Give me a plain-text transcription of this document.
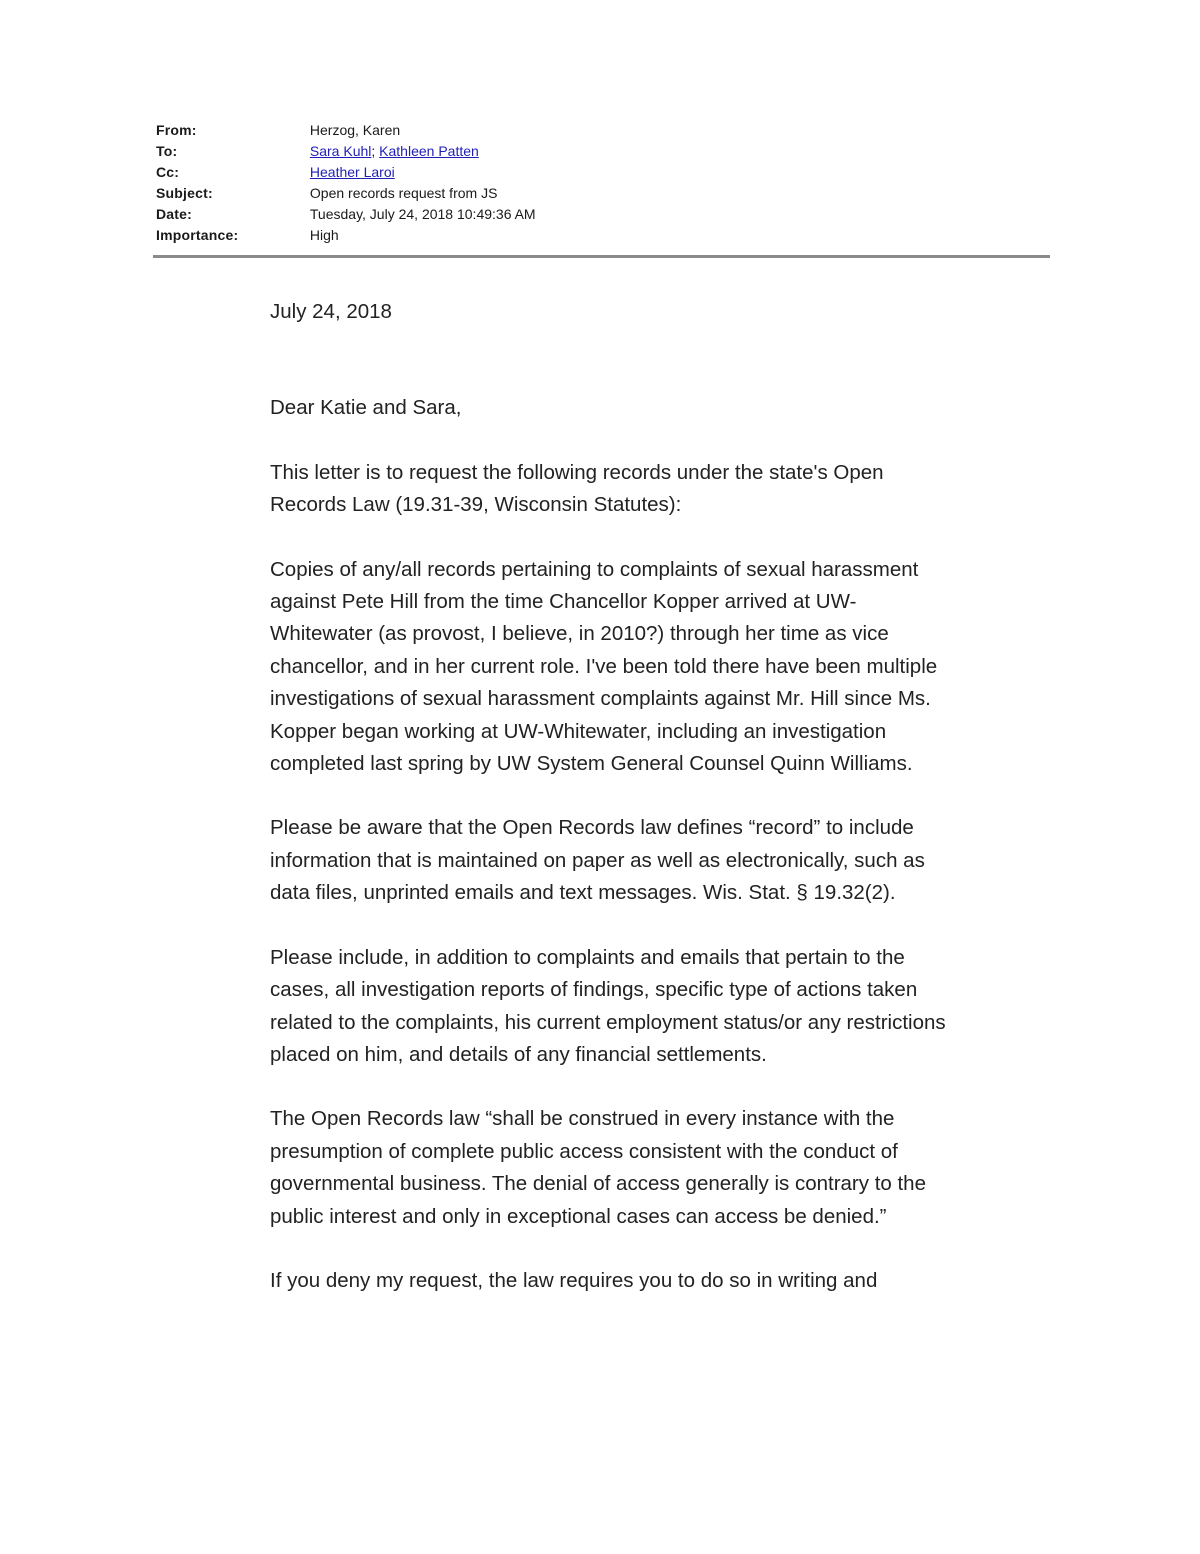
From:	Herzog, Karen
To:	Sara Kuhl; Kathleen Patten
Cc:	Heather Laroi
Subject:	Open records request from JS
Date:	Tuesday, July 24, 2018 10:49:36 AM
Importance:	High

July 24, 2018

Dear Katie and Sara,

This letter is to request the following records under the state's Open Records Law (19.31-39, Wisconsin Statutes):

Copies of any/all records pertaining to complaints of sexual harassment against Pete Hill from the time Chancellor Kopper arrived at UW-Whitewater (as provost, I believe, in 2010?) through her time as vice chancellor, and in her current role. I've been told there have been multiple investigations of sexual harassment complaints against Mr. Hill since Ms. Kopper began working at UW-Whitewater, including an investigation completed last spring by UW System General Counsel Quinn Williams.

Please be aware that the Open Records law defines “record” to include information that is maintained on paper as well as electronically, such as data files, unprinted emails and text messages. Wis. Stat. § 19.32(2).

Please include, in addition to complaints and emails that pertain to the cases, all investigation reports of findings, specific type of actions taken related to the complaints, his current employment status/or any restrictions placed on him, and details of any financial settlements.

The Open Records law “shall be construed in every instance with the presumption of complete public access consistent with the conduct of governmental business. The denial of access generally is contrary to the public interest and only in exceptional cases can access be denied.”

If you deny my request, the law requires you to do so in writing and
